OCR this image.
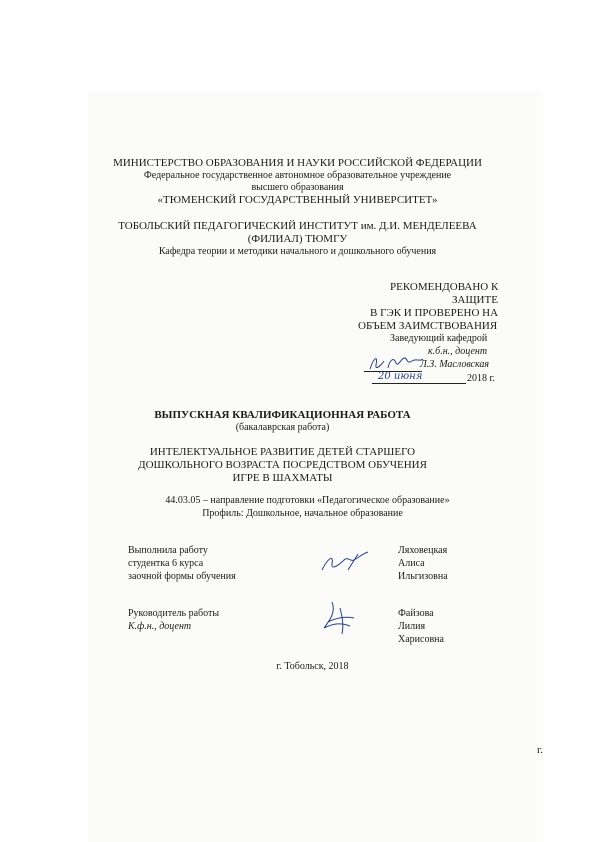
МИНИСТЕРСТВО ОБРАЗОВАНИЯ И НАУКИ РОССИЙСКОЙ ФЕДЕРАЦИИ
Федеральное государственное автономное образовательное учреждение
высшего образования
«ТЮМЕНСКИЙ ГОСУДАРСТВЕННЫЙ УНИВЕРСИТЕТ»
ТОБОЛЬСКИЙ ПЕДАГОГИЧЕСКИЙ ИНСТИТУТ им. Д.И. МЕНДЕЛЕЕВА
(ФИЛИАЛ) ТЮМГУ
Кафедра теории и методики начального и дошкольного обучения
РЕКОМЕНДОВАНО К
ЗАЩИТЕ
В ГЭК И ПРОВЕРЕНО НА
ОБЪЕМ ЗАИМСТВОВАНИЯ
Заведующий кафедрой
к.б.н., доцент
Л.З. Масловская
2018 г.
20 июня
ВЫПУСКНАЯ КВАЛИФИКАЦИОННАЯ РАБОТА
(бакалаврская работа)
ИНТЕЛЕКТУАЛЬНОЕ РАЗВИТИЕ ДЕТЕЙ СТАРШЕГО
ДОШКОЛЬНОГО ВОЗРАСТА ПОСРЕДСТВОМ ОБУЧЕНИЯ
ИГРЕ В ШАХМАТЫ
44.03.05 – направление подготовки «Педагогическое образование»
Профиль: Дошкольное, начальное образование
Выполнила работу
студентка 6 курса
заочной формы обучения
Ляховецкая
Алиса
Ильгизовна
Руководитель работы
К.ф.н., доцент
Файзова
Лилия
Харисовна
г. Тобольск, 2018
г.
